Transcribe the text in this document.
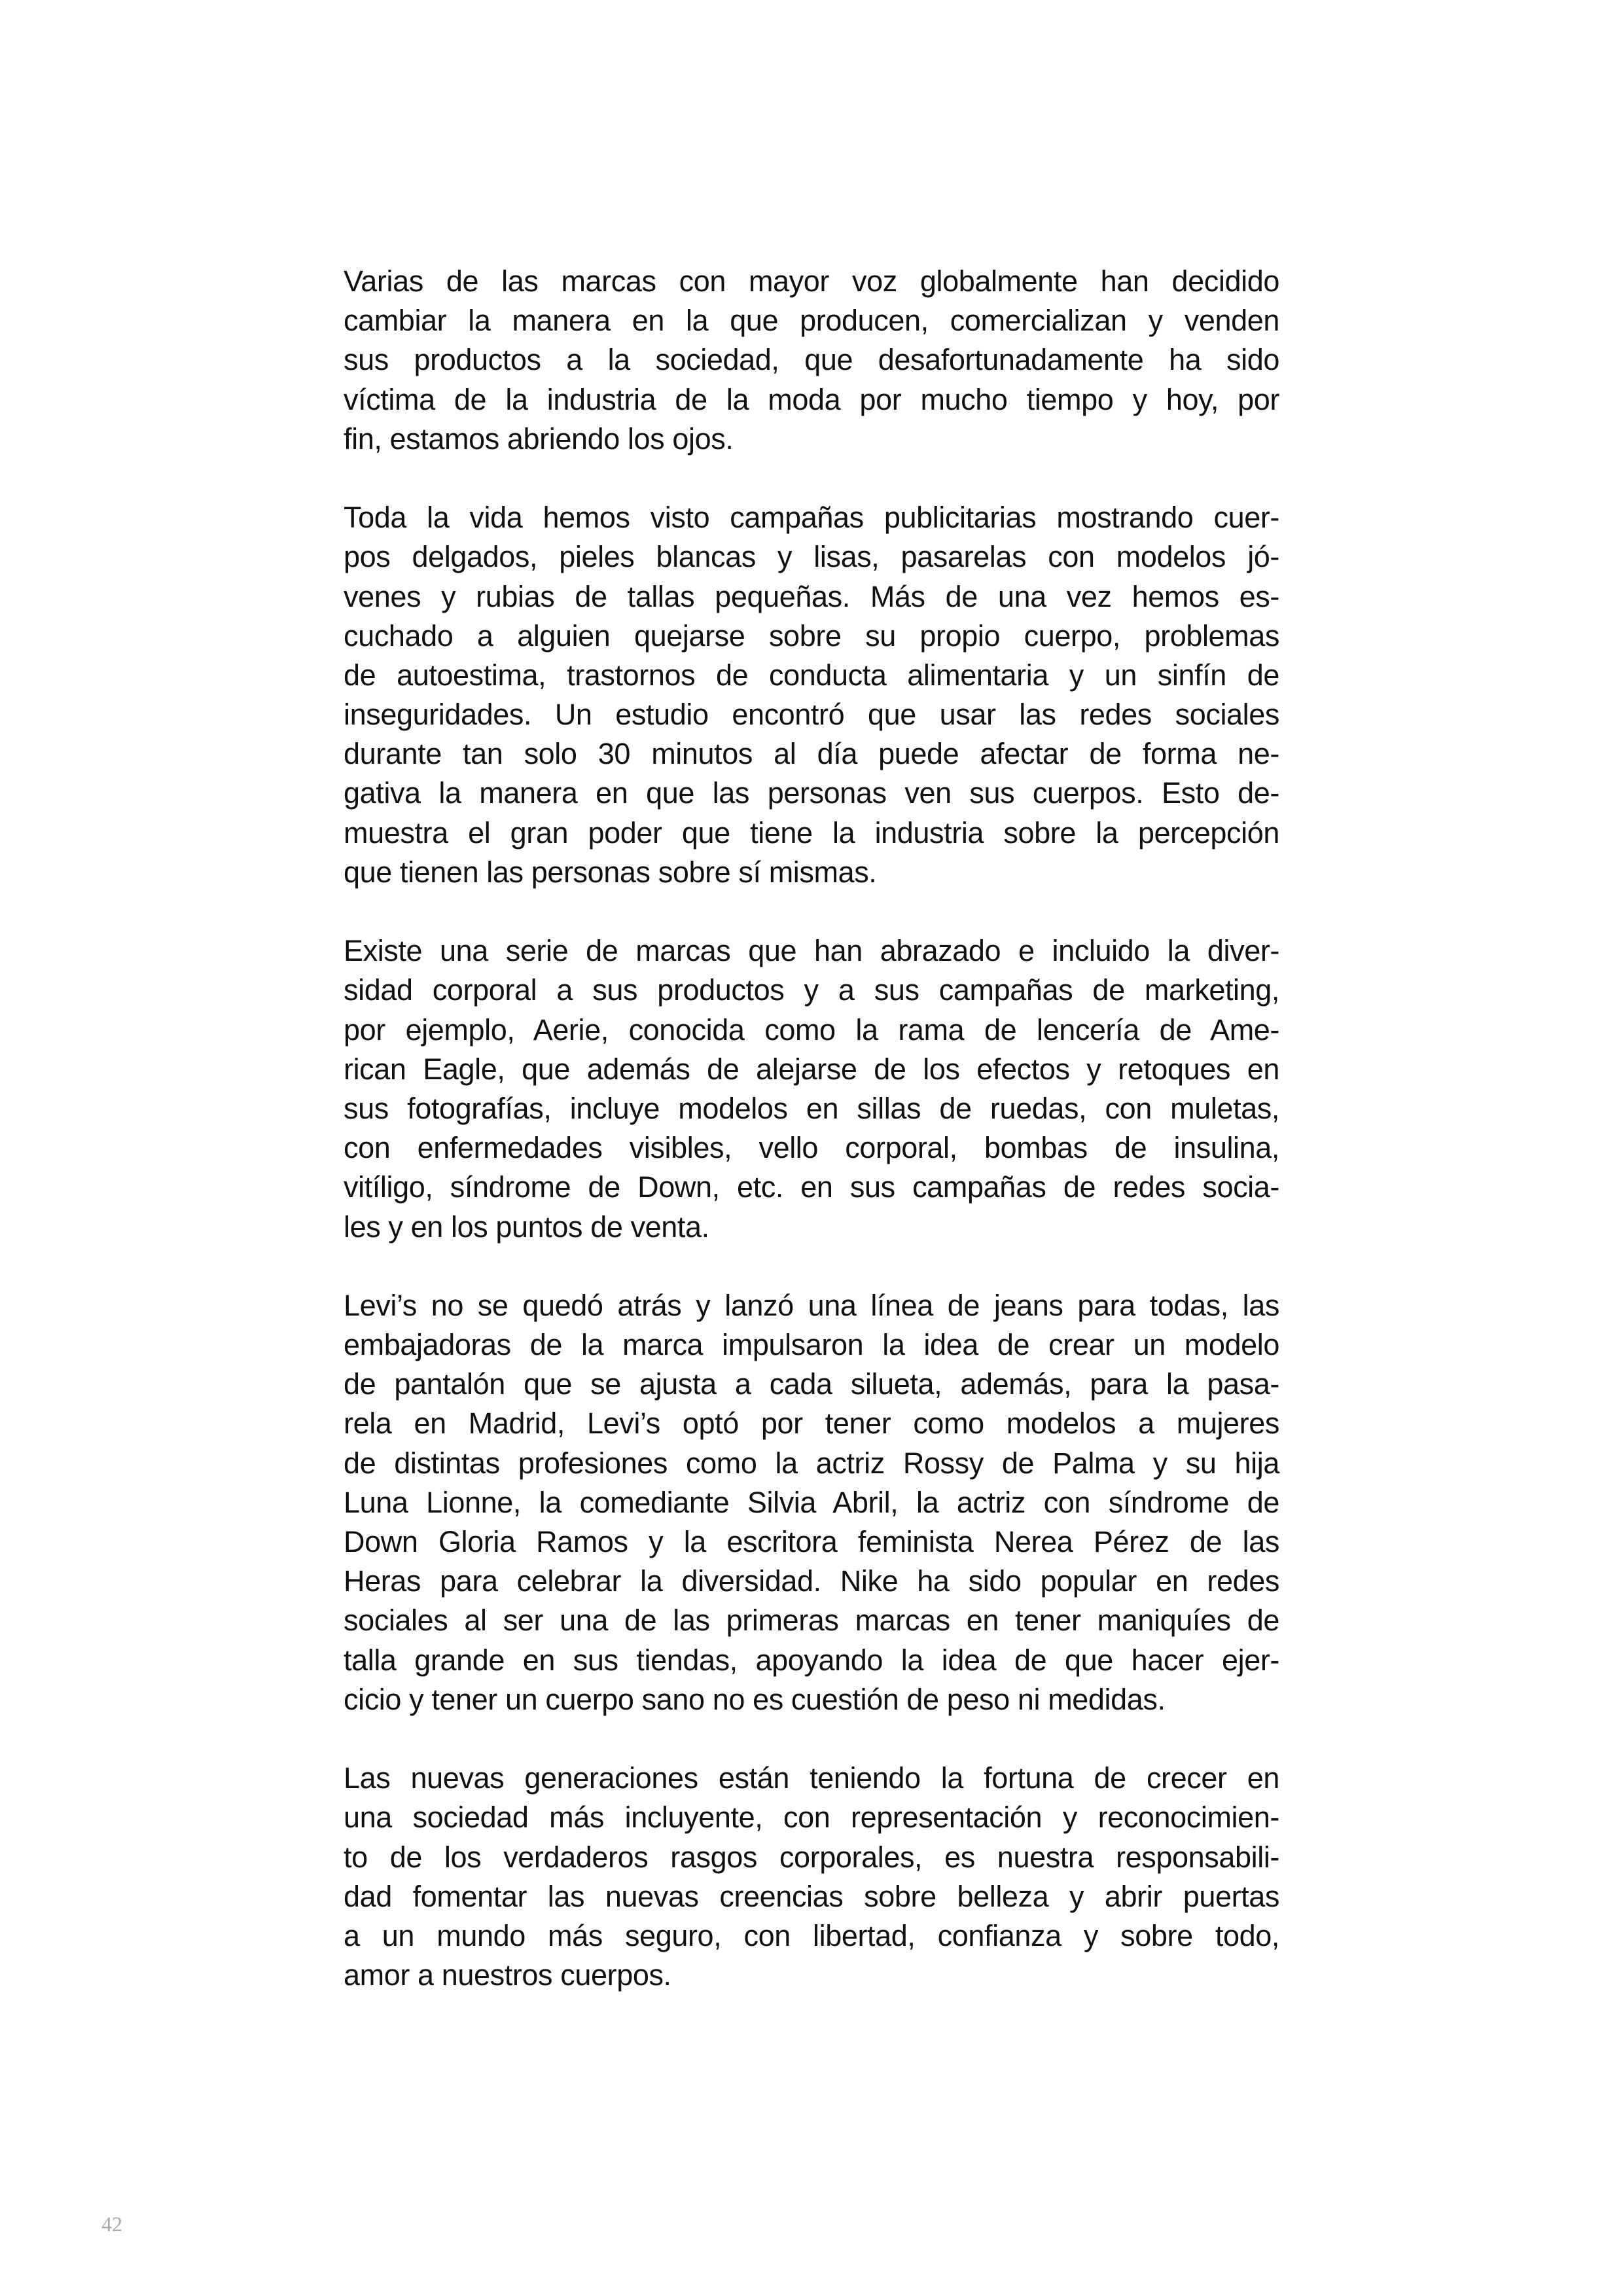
Varias de las marcas con mayor voz globalmente han decidido
cambiar la manera en la que producen, comercializan y venden
sus productos a la sociedad, que desafortunadamente ha sido
víctima de la industria de la moda por mucho tiempo y hoy, por
fin, estamos abriendo los ojos.

Toda la vida hemos visto campañas publicitarias mostrando cuer-
pos delgados, pieles blancas y lisas, pasarelas con modelos jó-
venes y rubias de tallas pequeñas. Más de una vez hemos es-
cuchado a alguien quejarse sobre su propio cuerpo, problemas
de autoestima, trastornos de conducta alimentaria y un sinfín de
inseguridades. Un estudio encontró que usar las redes sociales
durante tan solo 30 minutos al día puede afectar de forma ne-
gativa la manera en que las personas ven sus cuerpos. Esto de-
muestra el gran poder que tiene la industria sobre la percepción
que tienen las personas sobre sí mismas.

Existe una serie de marcas que han abrazado e incluido la diver-
sidad corporal a sus productos y a sus campañas de marketing,
por ejemplo, Aerie, conocida como la rama de lencería de Ame-
rican Eagle, que además de alejarse de los efectos y retoques en
sus fotografías, incluye modelos en sillas de ruedas, con muletas,
con enfermedades visibles, vello corporal, bombas de insulina,
vitíligo, síndrome de Down, etc. en sus campañas de redes socia-
les y en los puntos de venta.

Levi’s no se quedó atrás y lanzó una línea de jeans para todas, las
embajadoras de la marca impulsaron la idea de crear un modelo
de pantalón que se ajusta a cada silueta, además, para la pasa-
rela en Madrid, Levi’s optó por tener como modelos a mujeres
de distintas profesiones como la actriz Rossy de Palma y su hija
Luna Lionne, la comediante Silvia Abril, la actriz con síndrome de
Down Gloria Ramos y la escritora feminista Nerea Pérez de las
Heras para celebrar la diversidad. Nike ha sido popular en redes
sociales al ser una de las primeras marcas en tener maniquíes de
talla grande en sus tiendas, apoyando la idea de que hacer ejer-
cicio y tener un cuerpo sano no es cuestión de peso ni medidas.

Las nuevas generaciones están teniendo la fortuna de crecer en
una sociedad más incluyente, con representación y reconocimien-
to de los verdaderos rasgos corporales, es nuestra responsabili-
dad fomentar las nuevas creencias sobre belleza y abrir puertas
a un mundo más seguro, con libertad, confianza y sobre todo,
amor a nuestros cuerpos.

42
